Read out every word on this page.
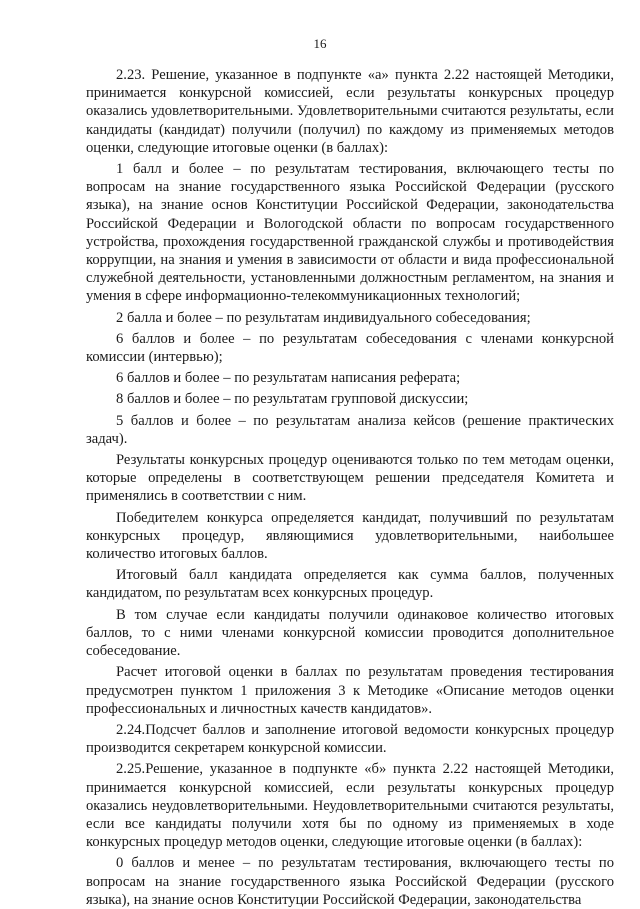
16

2.23. Решение, указанное в подпункте «а» пункта 2.22 настоящей Методики, принимается конкурсной комиссией, если результаты конкурсных процедур оказались удовлетворительными. Удовлетворительными считаются результаты, если кандидаты (кандидат) получили (получил) по каждому из применяемых методов оценки, следующие итоговые оценки (в баллах):

1 балл и более – по результатам тестирования, включающего тесты по вопросам на знание государственного языка Российской Федерации (русского языка), на знание основ Конституции Российской Федерации, законодательства Российской Федерации и Вологодской области по вопросам государственного устройства, прохождения государственной гражданской службы и противодействия коррупции, на знания и умения в зависимости от области и вида профессиональной служебной деятельности, установленными должностным регламентом, на знания и умения в сфере информационно-телекоммуникационных технологий;

2 балла и более – по результатам индивидуального собеседования;

6 баллов и более – по результатам собеседования с членами конкурсной комиссии (интервью);

6 баллов и более – по результатам написания реферата;

8 баллов и более – по результатам групповой дискуссии;

5 баллов и более – по результатам анализа кейсов (решение практических задач).

Результаты конкурсных процедур оцениваются только по тем методам оценки, которые определены в соответствующем решении председателя Комитета и применялись в соответствии с ним.

Победителем конкурса определяется кандидат, получивший по результатам конкурсных процедур, являющимися удовлетворительными, наибольшее количество итоговых баллов.

Итоговый балл кандидата определяется как сумма баллов, полученных кандидатом, по результатам всех конкурсных процедур.

В том случае если кандидаты получили одинаковое количество итоговых баллов, то с ними членами конкурсной комиссии проводится дополнительное собеседование.

Расчет итоговой оценки в баллах по результатам проведения тестирования предусмотрен пунктом 1 приложения 3 к Методике «Описание методов оценки профессиональных и личностных качеств кандидатов».

2.24.Подсчет баллов и заполнение итоговой ведомости конкурсных процедур производится секретарем конкурсной комиссии.

2.25.Решение, указанное в подпункте «б» пункта 2.22 настоящей Методики, принимается конкурсной комиссией, если результаты конкурсных процедур оказались неудовлетворительными. Неудовлетворительными считаются результаты, если все кандидаты получили хотя бы по одному из применяемых в ходе конкурсных процедур методов оценки, следующие итоговые оценки (в баллах):

0 баллов и менее – по результатам тестирования, включающего тесты по вопросам на знание государственного языка Российской Федерации (русского языка), на знание основ Конституции Российской Федерации, законодательства
